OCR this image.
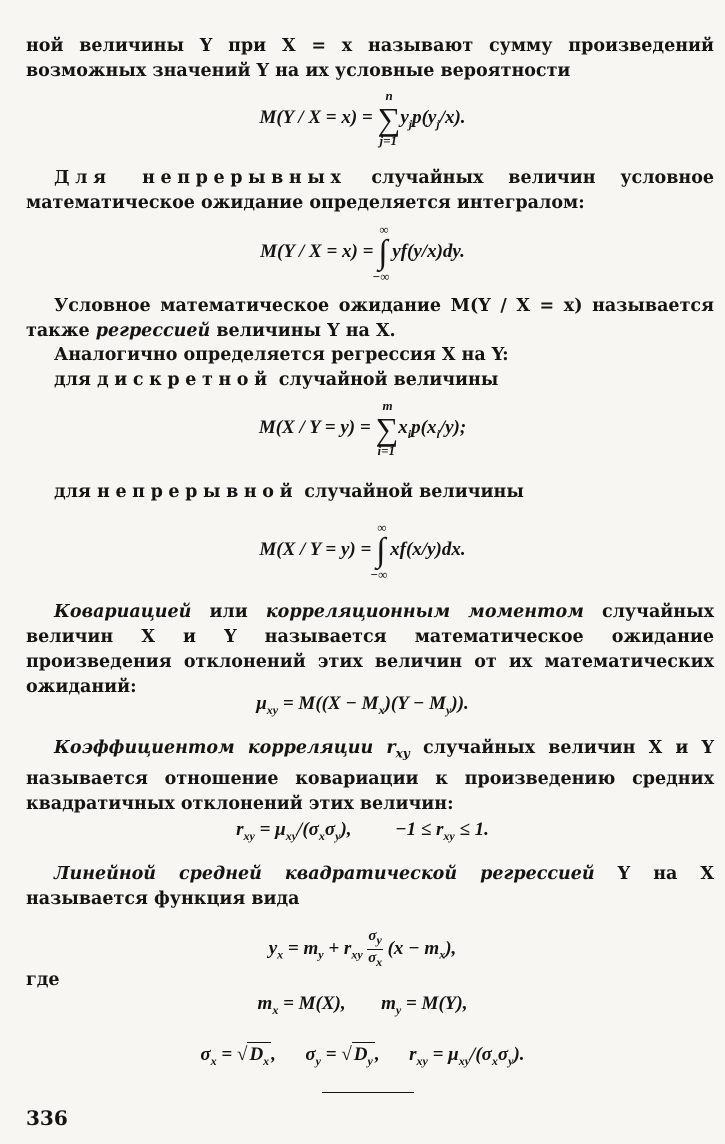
ной величины Y при X = x называют сумму произведений возможных значений Y на их условные вероятности

M(Y / X = x) =
n
∑
j=1
$y_jp(y_j/x)$.

Для непрерывных случайных величин условное математическое ожидание определяется интегралом:

M(Y / X = x) =
∞
∫
−∞
yf(y/x)dy.

Условное математическое ожидание M(Y / X = x) называется также регрессией величины Y на X.

Аналогично определяется регрессия X на Y:

для дискретной случайной величины

M(X / Y = y) =
m
∑
i=1
$x_ip(x_i/y)$;

для непрерывной случайной величины

M(X / Y = y) =
∞
∫
−∞
xf(x/y)dx.

Ковариацией или корреляционным моментом случайных величин X и Y называется математическое ожидание произведения отклонений этих величин от их математических ожиданий:

$\mu_{xy} = M((X - M_x)(Y - M_y))$.

Коэффициентом корреляции $r_{xy}$ случайных величин X и Y называется отношение ковариации к произведению средних квадратичных отклонений этих величин:

$r_{xy} = \mu_{xy}/(\sigma_x\sigma_y)$, $-1 \le r_{xy} \le 1$.

Линейной средней квадратической регрессией Y на X называется функция вида

$y_x = m_y + r_{xy} \frac{\sigma_y}{\sigma_x} (x - m_x)$,

где

$m_x = M(X)$, $m_y = M(Y)$,
$\sigma_x$ = √ $D_x$ , $\sigma_y$ = √ $D_y$ , $r_{xy} = \mu_{xy}/(\sigma_x\sigma_y)$.
336
